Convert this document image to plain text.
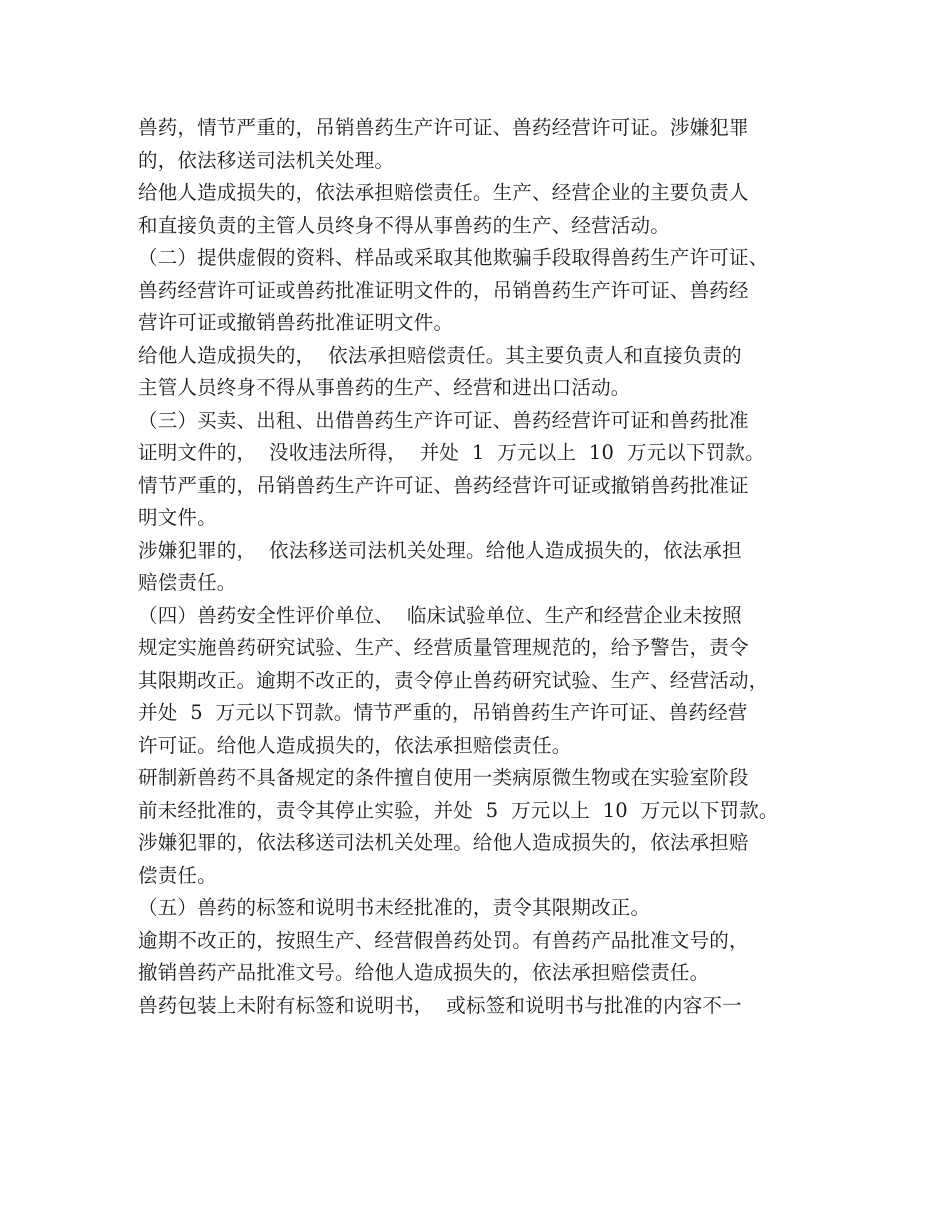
兽药，情节严重的，吊销兽药生产许可证、兽药经营许可证。涉嫌犯罪
的，依法移送司法机关处理。
给他人造成损失的，依法承担赔偿责任。生产、经营企业的主要负责人
和直接负责的主管人员终身不得从事兽药的生产、经营活动。
（二）提供虚假的资料、样品或采取其他欺骗手段取得兽药生产许可证、
兽药经营许可证或兽药批准证明文件的，吊销兽药生产许可证、兽药经
营许可证或撤销兽药批准证明文件。
给他人造成损失的，  依法承担赔偿责任。其主要负责人和直接负责的
主管人员终身不得从事兽药的生产、经营和进出口活动。
（三）买卖、出租、出借兽药生产许可证、兽药经营许可证和兽药批准
证明文件的，  没收违法所得，  并处  1  万元以上  10  万元以下罚款。
情节严重的，吊销兽药生产许可证、兽药经营许可证或撤销兽药批准证
明文件。
涉嫌犯罪的，  依法移送司法机关处理。给他人造成损失的，依法承担
赔偿责任。
（四）兽药安全性评价单位、  临床试验单位、生产和经营企业未按照
规定实施兽药研究试验、生产、经营质量管理规范的，给予警告，责令
其限期改正。逾期不改正的，责令停止兽药研究试验、生产、经营活动，
并处  5  万元以下罚款。情节严重的，吊销兽药生产许可证、兽药经营
许可证。给他人造成损失的，依法承担赔偿责任。
研制新兽药不具备规定的条件擅自使用一类病原微生物或在实验室阶段
前未经批准的，责令其停止实验，并处  5  万元以上  10  万元以下罚款。
涉嫌犯罪的，依法移送司法机关处理。给他人造成损失的，依法承担赔
偿责任。
（五）兽药的标签和说明书未经批准的，责令其限期改正。
逾期不改正的，按照生产、经营假兽药处罚。有兽药产品批准文号的，
撤销兽药产品批准文号。给他人造成损失的，依法承担赔偿责任。
兽药包装上未附有标签和说明书，  或标签和说明书与批准的内容不一
